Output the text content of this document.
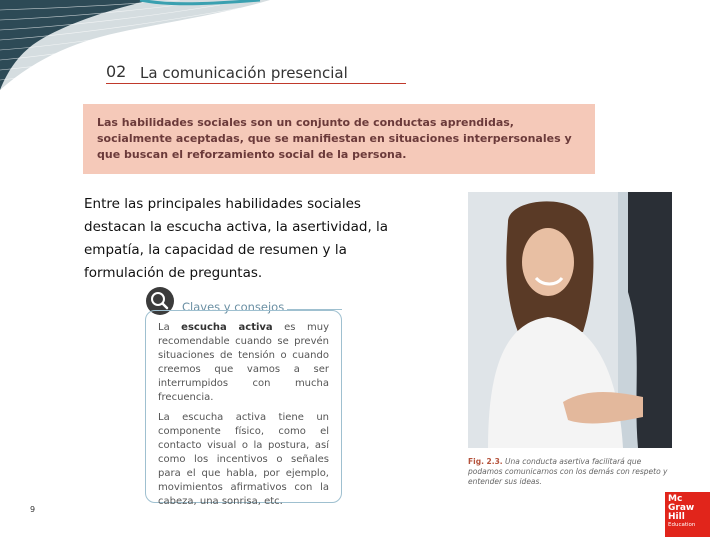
02 La comunicación presencial
Las habilidades sociales son un conjunto de conductas aprendidas, socialmente aceptadas, que se manifiestan en situaciones interpersonales y que buscan el reforzamiento social de la persona.
Entre las principales habilidades sociales destacan la escucha activa, la asertividad, la empatía, la capacidad de resumen y la formulación de preguntas.
Claves y consejos

La escucha activa es muy recomendable cuando se prevén situaciones de tensión o cuando creemos que vamos a ser interrumpidos con mucha frecuencia.

La escucha activa tiene un componente físico, como el contacto visual o la postura, así como los incentivos o señales para el que habla, por ejemplo, movimientos afirmativos con la cabeza, una sonrisa, etc.

Fig. 2.3. Una conducta asertiva facilitará que podamos comunicarnos con los demás con respeto y entender sus ideas.
9
Mc
Graw
Hill
Education
